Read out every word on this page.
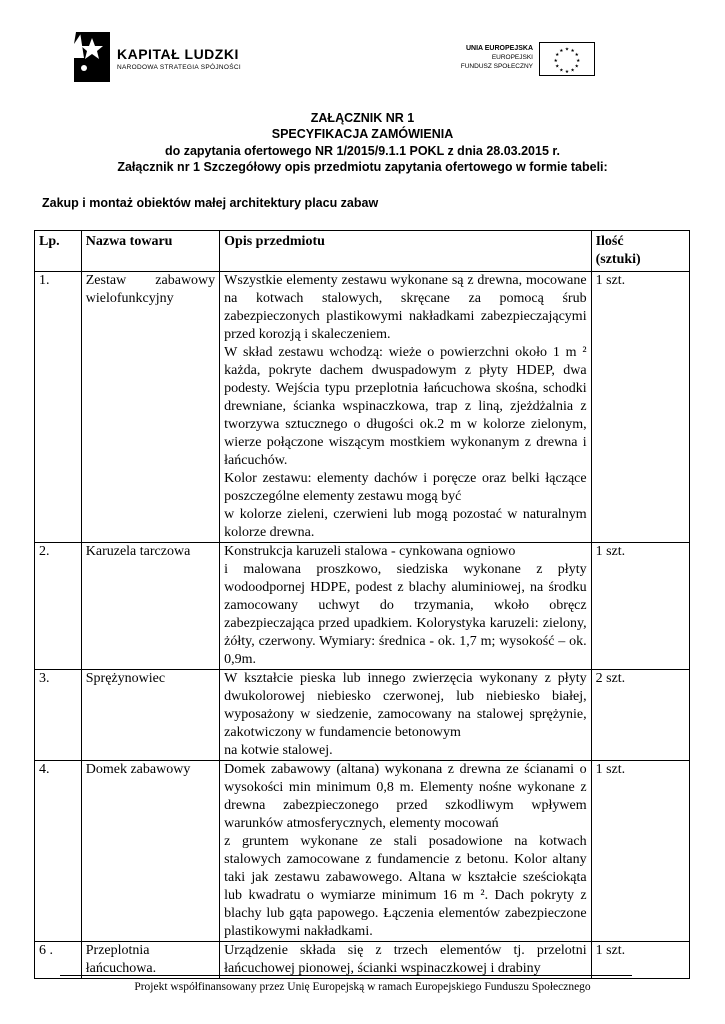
KAPITAŁ LUDZKI
NARODOWA STRATEGIA SPÓJNOŚCI
UNIA EUROPEJSKA
EUROPEJSKI
FUNDUSZ SPOŁECZNY
★ ★
★
★
★
★
★
★
★
★
★
★
ZAŁĄCZNIK NR 1
SPECYFIKACJA ZAMÓWIENIA
do zapytania ofertowego NR 1/2015/9.1.1 POKL z dnia 28.03.2015 r.
Załącznik nr 1 Szczegółowy opis przedmiotu zapytania ofertowego w formie tabeli:
Zakup i montaż obiektów małej architektury placu zabaw
Lp.	Nazwa towaru	Opis przedmiotu	Ilość
(sztuki)

1.	Zestaw zabawowy wielofunkcyjny	Wszystkie elementy zestawu wykonane są z drewna, mocowane na kotwach stalowych, skręcane za pomocą śrub zabezpieczonych plastikowymi nakładkami zabezpieczającymi przed korozją i skaleczeniem.
W skład zestawu wchodzą: wieże o powierzchni około 1 m ² każda, pokryte dachem dwuspadowym z płyty HDEP, dwa podesty. Wejścia typu przeplotnia łańcuchowa skośna, schodki drewniane, ścianka wspinaczkowa, trap z liną, zjeżdżalnia z tworzywa sztucznego o długości ok.2 m w kolorze zielonym, wierze połączone wiszącym mostkiem wykonanym z drewna i łańcuchów.
Kolor zestawu: elementy dachów i poręcze oraz belki łączące poszczególne elementy zestawu mogą być
w kolorze zieleni, czerwieni lub mogą pozostać w naturalnym kolorze drewna.	1 szt.
2.	Karuzela tarczowa	Konstrukcja karuzeli stalowa - cynkowana ogniowo
i malowana proszkowo, siedziska wykonane z płyty wodoodpornej HDPE, podest z blachy aluminiowej, na środku zamocowany uchwyt do trzymania, wkoło obręcz zabezpieczająca przed upadkiem. Kolorystyka karuzeli: zielony, żółty, czerwony. Wymiary: średnica - ok. 1,7 m; wysokość – ok. 0,9m.	1 szt.
3.	Sprężynowiec	W kształcie pieska lub innego zwierzęcia wykonany z płyty dwukolorowej niebiesko czerwonej, lub niebiesko białej, wyposażony w siedzenie, zamocowany na stalowej sprężynie, zakotwiczony w fundamencie betonowym
na kotwie stalowej.	2 szt.
4.	Domek zabawowy	Domek zabawowy (altana) wykonana z drewna ze ścianami o wysokości min minimum 0,8 m. Elementy nośne wykonane z drewna zabezpieczonego przed szkodliwym wpływem warunków atmosferycznych, elementy mocowań
z gruntem wykonane ze stali posadowione na kotwach stalowych zamocowane z fundamencie z betonu. Kolor altany taki jak zestawu zabawowego. Altana w kształcie sześciokąta lub kwadratu o wymiarze minimum 16 m ². Dach pokryty z blachy lub gąta papowego. Łączenia elementów zabezpieczone plastikowymi nakładkami.	1 szt.
6 .	Przeplotnia łańcuchowa.	Urządzenie składa się z trzech elementów tj. przelotni łańcuchowej pionowej, ścianki wspinaczkowej i drabiny	1 szt.
Projekt współfinansowany przez Unię Europejską w ramach Europejskiego Funduszu Społecznego
